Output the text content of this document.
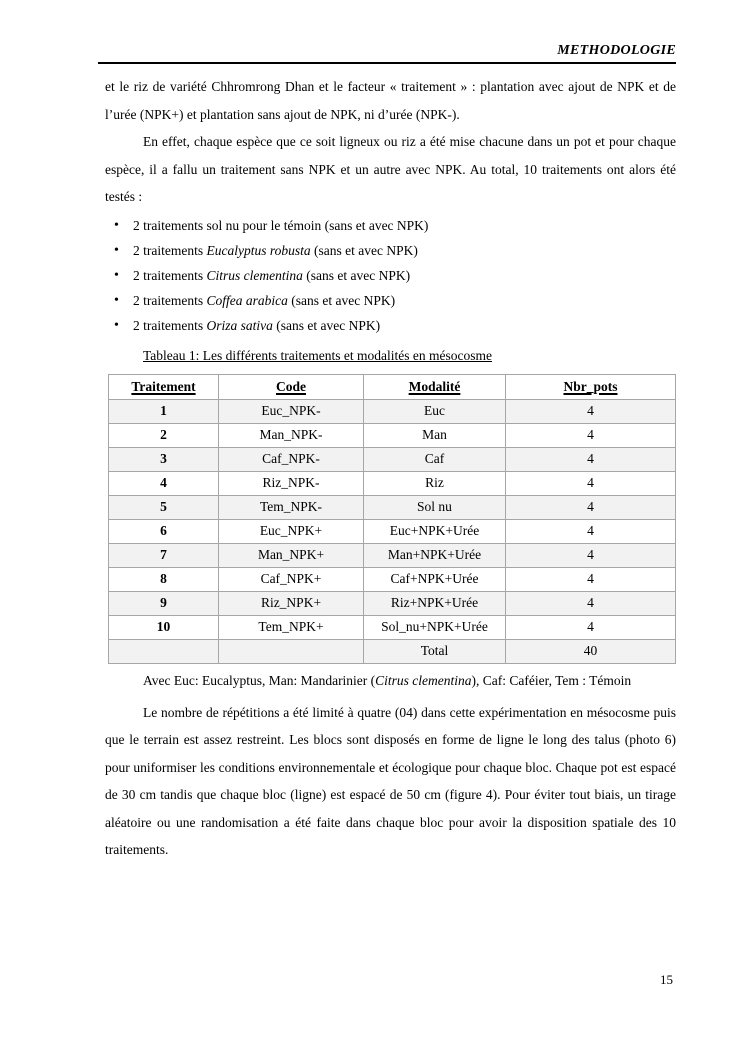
METHODOLOGIE

et le riz de variété Chhromrong Dhan et le facteur « traitement » : plantation avec ajout de NPK et de l’urée (NPK+) et plantation sans ajout de NPK, ni d’urée (NPK-).

En effet, chaque espèce que ce soit ligneux ou riz a été mise chacune dans un pot et pour chaque espèce, il a fallu un traitement sans NPK et un autre avec NPK. Au total, 10 traitements ont alors été testés :

• 2 traitements sol nu pour le témoin (sans et avec NPK)
• 2 traitements Eucalyptus robusta (sans et avec NPK)
• 2 traitements Citrus clementina (sans et avec NPK)
• 2 traitements Coffea arabica (sans et avec NPK)
• 2 traitements Oriza sativa (sans et avec NPK)

Tableau 1: Les différents traitements et modalités en mésocosme

Traitement	Code	Modalité	Nbr_pots
1	Euc_NPK-	Euc	4
2	Man_NPK-	Man	4
3	Caf_NPK-	Caf	4
4	Riz_NPK-	Riz	4
5	Tem_NPK-	Sol nu	4
6	Euc_NPK+	Euc+NPK+Urée	4
7	Man_NPK+	Man+NPK+Urée	4
8	Caf_NPK+	Caf+NPK+Urée	4
9	Riz_NPK+	Riz+NPK+Urée	4
10	Tem_NPK+	Sol_nu+NPK+Urée	4
		Total	40

Avec Euc: Eucalyptus, Man: Mandarinier (Citrus clementina), Caf: Caféier, Tem : Témoin

Le nombre de répétitions a été limité à quatre (04) dans cette expérimentation en mésocosme puis que le terrain est assez restreint. Les blocs sont disposés en forme de ligne le long des talus (photo 6) pour uniformiser les conditions environnementale et écologique pour chaque bloc. Chaque pot est espacé de 30 cm tandis que chaque bloc (ligne) est espacé de 50 cm (figure 4). Pour éviter tout biais, un tirage aléatoire ou une randomisation a été faite dans chaque bloc pour avoir la disposition spatiale des 10 traitements.

15
